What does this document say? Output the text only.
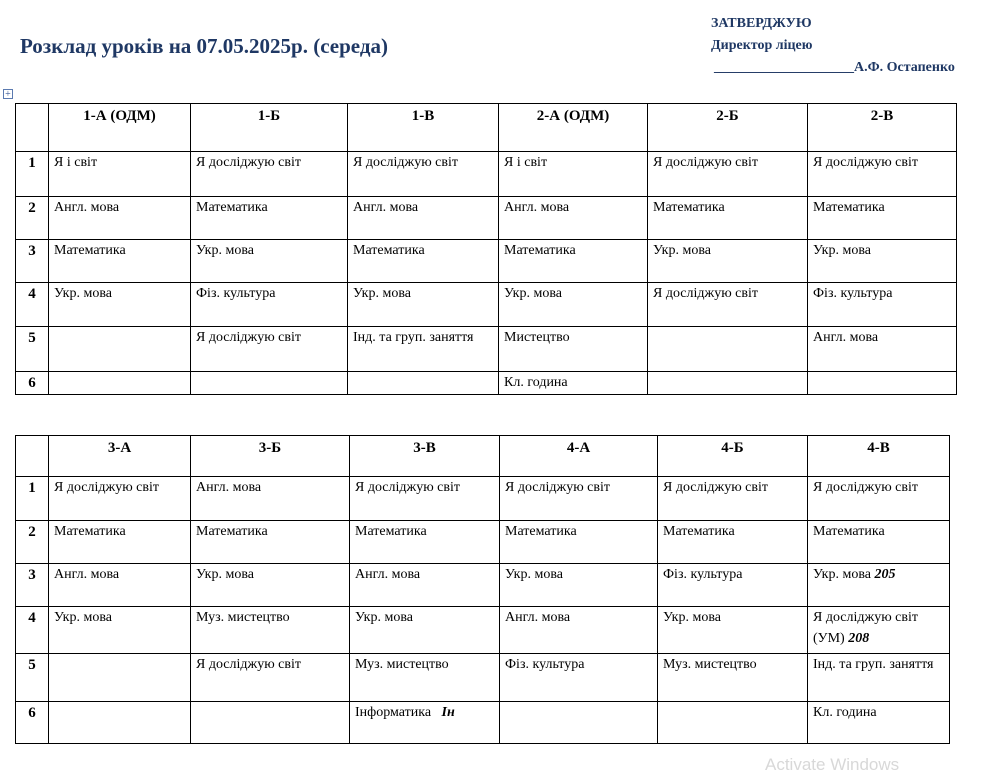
Розклад уроків на 07.05.2025р. (середа)
ЗАТВЕРДЖУЮ
Директор ліцею
____________________А.Ф. Остапенко
+
	1-А (ОДМ)	1-Б	1-В	2-А (ОДМ)	2-Б	2-В
1	Я і світ	Я досліджую світ	Я досліджую світ	Я і світ	Я досліджую світ	Я досліджую світ
2	Англ. мова	Математика	Англ. мова	Англ. мова	Математика	Математика
3	Математика	Укр. мова	Математика	Математика	Укр. мова	Укр. мова
4	Укр. мова	Фіз. культура	Укр. мова	Укр. мова	Я досліджую світ	Фіз. культура
5		Я досліджую світ	Інд. та груп. заняття	Мистецтво		Англ. мова
6				Кл. година		
	3-А	3-Б	3-В	4-А	4-Б	4-В
1	Я досліджую світ	Англ. мова	Я досліджую світ	Я досліджую світ	Я досліджую світ	Я досліджую світ
2	Математика	Математика	Математика	Математика	Математика	Математика
3	Англ. мова	Укр. мова	Англ. мова	Укр. мова	Фіз. культура	Укр. мова 205
4	Укр. мова	Муз. мистецтво	Укр. мова	Англ. мова	Укр. мова	Я досліджую світ (УМ) 208
5		Я досліджую світ	Муз. мистецтво	Фіз. культура	Муз. мистецтво	Інд. та груп. заняття
6			Інформатика Ін			Кл. година
Activate Windows
